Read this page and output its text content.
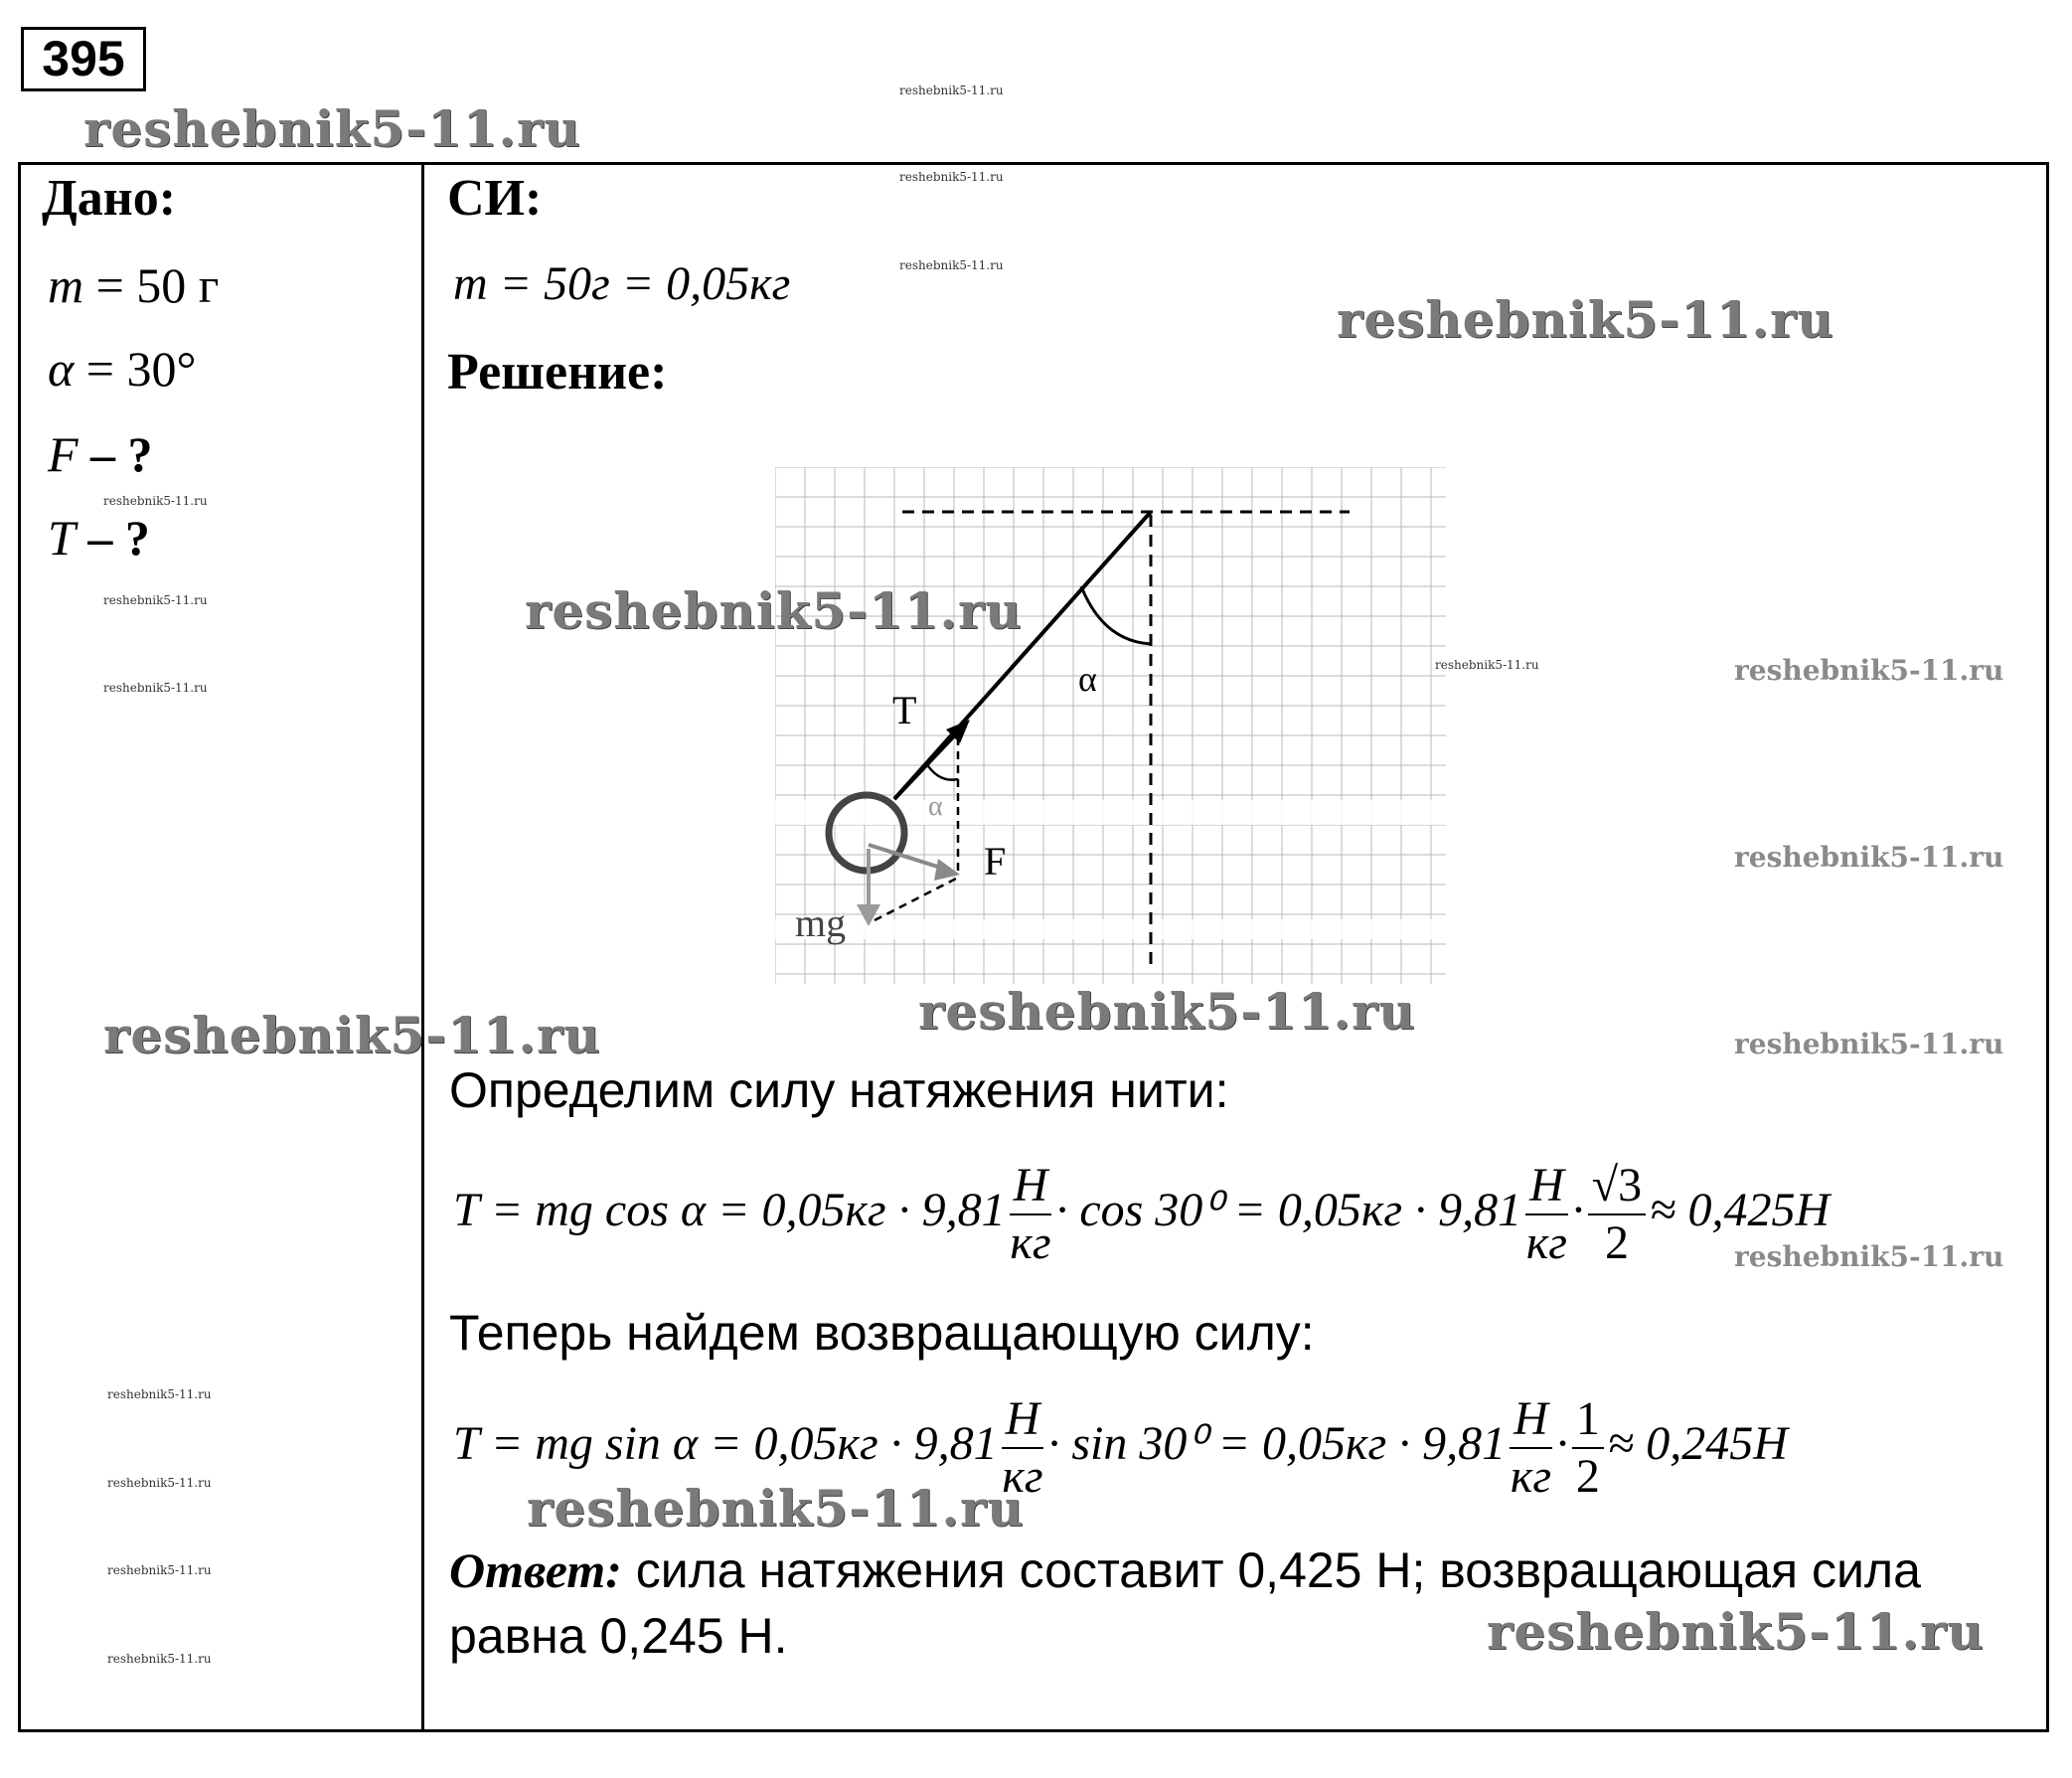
395
Дано:
m = 50 г
α = 30°
F – ?
T – ?
СИ:
m = 50г = 0,05кг
Решение:
α
T
α
F
mg
Определим силу натяжения нити:
T = mg $\cos \alpha = 0,05кг \cdot 9,81 \frac{Н}{кг} \cdot \cos 30^0 = 0,05кг \cdot 9,81 \frac{Н}{кг} \cdot \frac{√3}{2} \approx 0,425Н$
Теперь найдем возвращающую силу:
T = mg $\sin \alpha = 0,05кг \cdot 9,81 \frac{Н}{кг} \cdot \sin 30^0 = 0,05кг \cdot 9,81 \frac{Н}{кг} \cdot \frac{1}{2} \approx 0,245Н$
Ответ: сила натяжения составит 0,425 Н; возвращающая сила
равна 0,245 Н.
reshebnik5-11.ru
reshebnik5-11.ru
reshebnik5-11.ru
reshebnik5-11.ru	reshebnik5-11.ru
reshebnik5-11.ru
reshebnik5-11.ru
reshebnik5-11.ru
reshebnik5-11.ru
reshebnik5-11.ru
reshebnik5-11.ru
reshebnik5-11.ru
reshebnik5-11.ru
reshebnik5-11.ru
reshebnik5-11.ru
reshebnik5-11.ru
reshebnik5-11.ru
reshebnik5-11.ru
reshebnik5-11.ru
reshebnik5-11.ru
reshebnik5-11.ru
reshebnik5-11.ru
